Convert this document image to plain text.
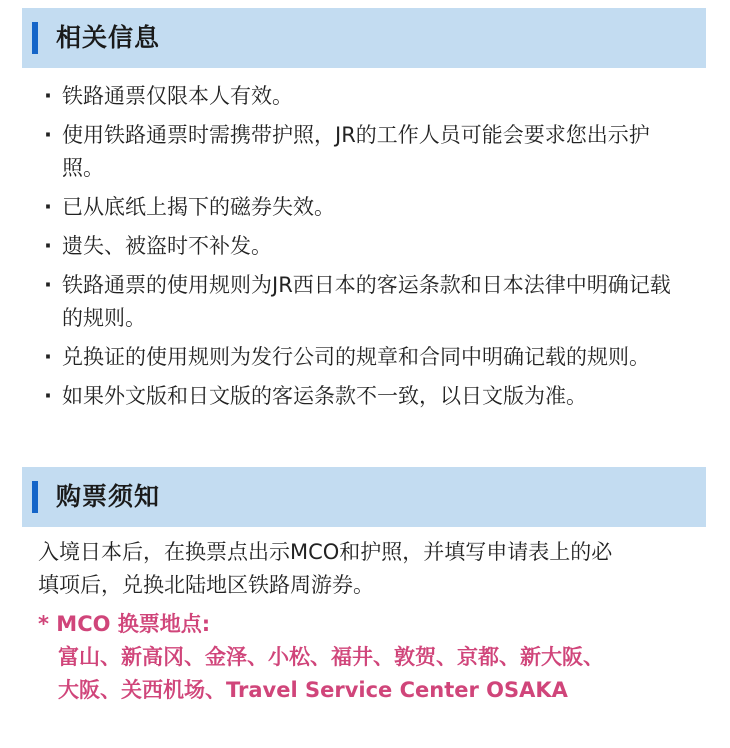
相关信息
· 铁路通票仅限本人有效。
· 使用铁路通票时需携带护照，JR的工作人员可能会要求您出示护照。
· 已从底纸上揭下的磁券失效。
· 遗失、被盗时不补发。
· 铁路通票的使用规则为JR西日本的客运条款和日本法律中明确记载的规则。
· 兑换证的使用规则为发行公司的规章和合同中明确记载的规则。
· 如果外文版和日文版的客运条款不一致，以日文版为准。
购票须知

入境日本后，在换票点出示MCO和护照，并填写申请表上的必填项后，兑换北陆地区铁路周游券。

* MCO 换票地点:

富山、新高冈、金泽、小松、福井、敦贺、京都、新大阪、大阪、关西机场、Travel Service Center OSAKA
